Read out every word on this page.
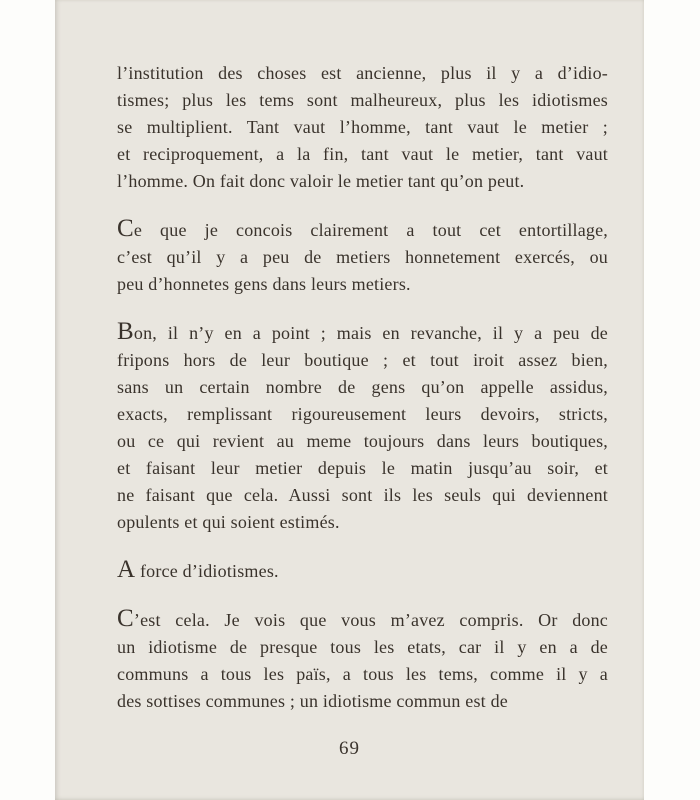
l’institution des choses est ancienne, plus il y a d’idio-
tismes; plus les tems sont malheureux, plus les idiotismes
se multiplient. Tant vaut l’homme, tant vaut le metier ;
et reciproquement, a la fin, tant vaut le metier, tant vaut
l’homme. On fait donc valoir le metier tant qu’on peut.
Ce que je concois clairement a tout cet entortillage,
c’est qu’il y a peu de metiers honnetement exercés, ou
peu d’honnetes gens dans leurs metiers.
Bon, il n’y en a point ; mais en revanche, il y a peu de
fripons hors de leur boutique ; et tout iroit assez bien,
sans un certain nombre de gens qu’on appelle assidus,
exacts, remplissant rigoureusement leurs devoirs, stricts,
ou ce qui revient au meme toujours dans leurs boutiques,
et faisant leur metier depuis le matin jusqu’au soir, et
ne faisant que cela. Aussi sont ils les seuls qui deviennent
opulents et qui soient estimés.
A force d’idiotismes.
C’est cela. Je vois que vous m’avez compris. Or donc
un idiotisme de presque tous les etats, car il y en a de
communs a tous les païs, a tous les tems, comme il y a
des sottises communes ; un idiotisme commun est de
69
